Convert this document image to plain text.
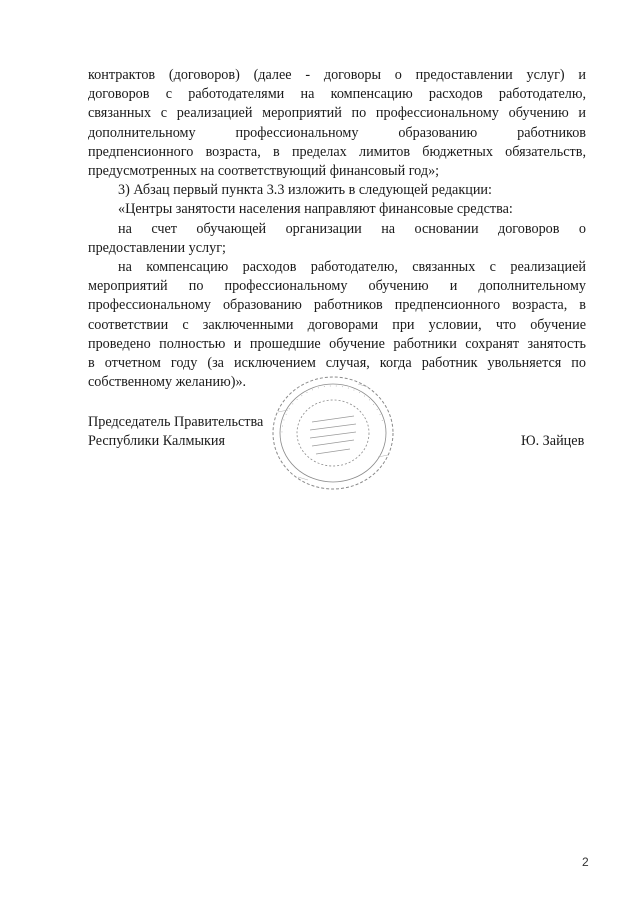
контрактов (договоров) (далее - договоры о предоставлении услуг) и

договоров с работодателями на компенсацию расходов работодателю,

связанных с реализацией мероприятий по профессиональному обучению и

дополнительному профессиональному образованию работников

предпенсионного возраста, в пределах лимитов бюджетных обязательств,

предусмотренных на соответствующий финансовый год»;

3) Абзац первый пункта 3.3 изложить в следующей редакции:

«Центры занятости населения направляют финансовые средства:

на счет обучающей организации на основании договоров о

предоставлении услуг;

на компенсацию расходов работодателю, связанных с реализацией

мероприятий по профессиональному обучению и дополнительному

профессиональному образованию работников предпенсионного возраста, в

соответствии с заключенными договорами при условии, что обучение

проведено полностью и прошедшие обучение работники сохранят занятость

в отчетном году (за исключением случая, когда работник увольняется по

собственному желанию)».

· · · · · · · · · · · · · · · · · · · · · · · ·
Председатель Правительства
Республики Калмыкия	Ю. Зайцев
2
